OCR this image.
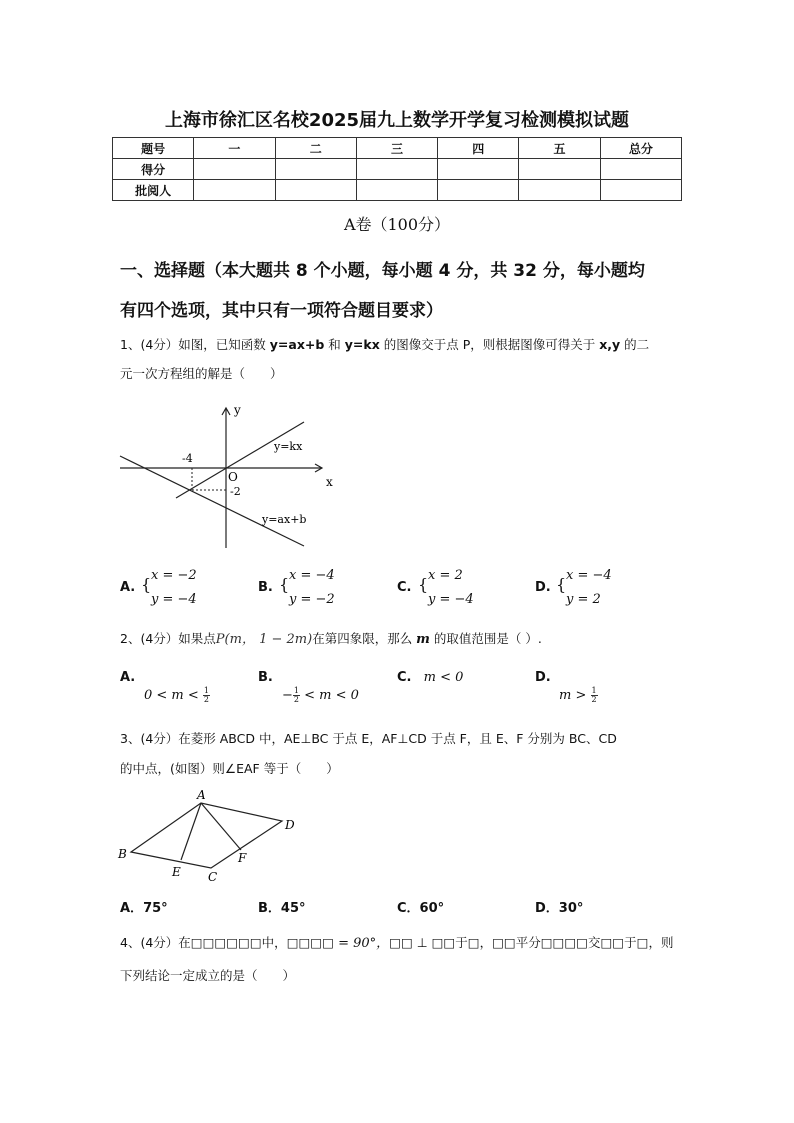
上海市徐汇区名校2025届九上数学开学复习检测模拟试题
题号	一	二	三	四	五	总分
得分						
批阅人						
A卷（100分）
一、选择题（本大题共 8 个小题，每小题 4 分，共 32 分，每小题均
有四个选项，其中只有一项符合题目要求）
1、(4分）如图，已知函数 y=ax+b 和 y=kx 的图像交于点 P，则根据图像可得关于 x,y 的二
元一次方程组的解是（　　）
y
x
O
-4
-2
y=kx
y=ax+b
A. { x = −2
y = −4
B. { x = −4
y = −2
C. { x = 2
y = −4
D. { x = −4
y = 2
2、(4分）如果点P(m， 1 − 2m)在第四象限，那么 m 的取值范围是（ ）.
A.
$0 < m < \frac{1}{2}$
B.
− $\frac{1}{2} < m < 0$
C. m < 0	D.
$m > \frac{1}{2}$
3、(4分）在菱形 ABCD 中，AE⊥BC 于点 E，AF⊥CD 于点 F，且 E、F 分别为 BC、CD
的中点，(如图）则∠EAF 等于（　　）
A
B
C
D
E
F
A．75°	B．45°	C．60°	D．30°
4、(4分）在□□□□□□中，□□□□ = 90°，□□ ⊥ □□于□，□□平分□□□□交□□于□，则
下列结论一定成立的是（　　）
